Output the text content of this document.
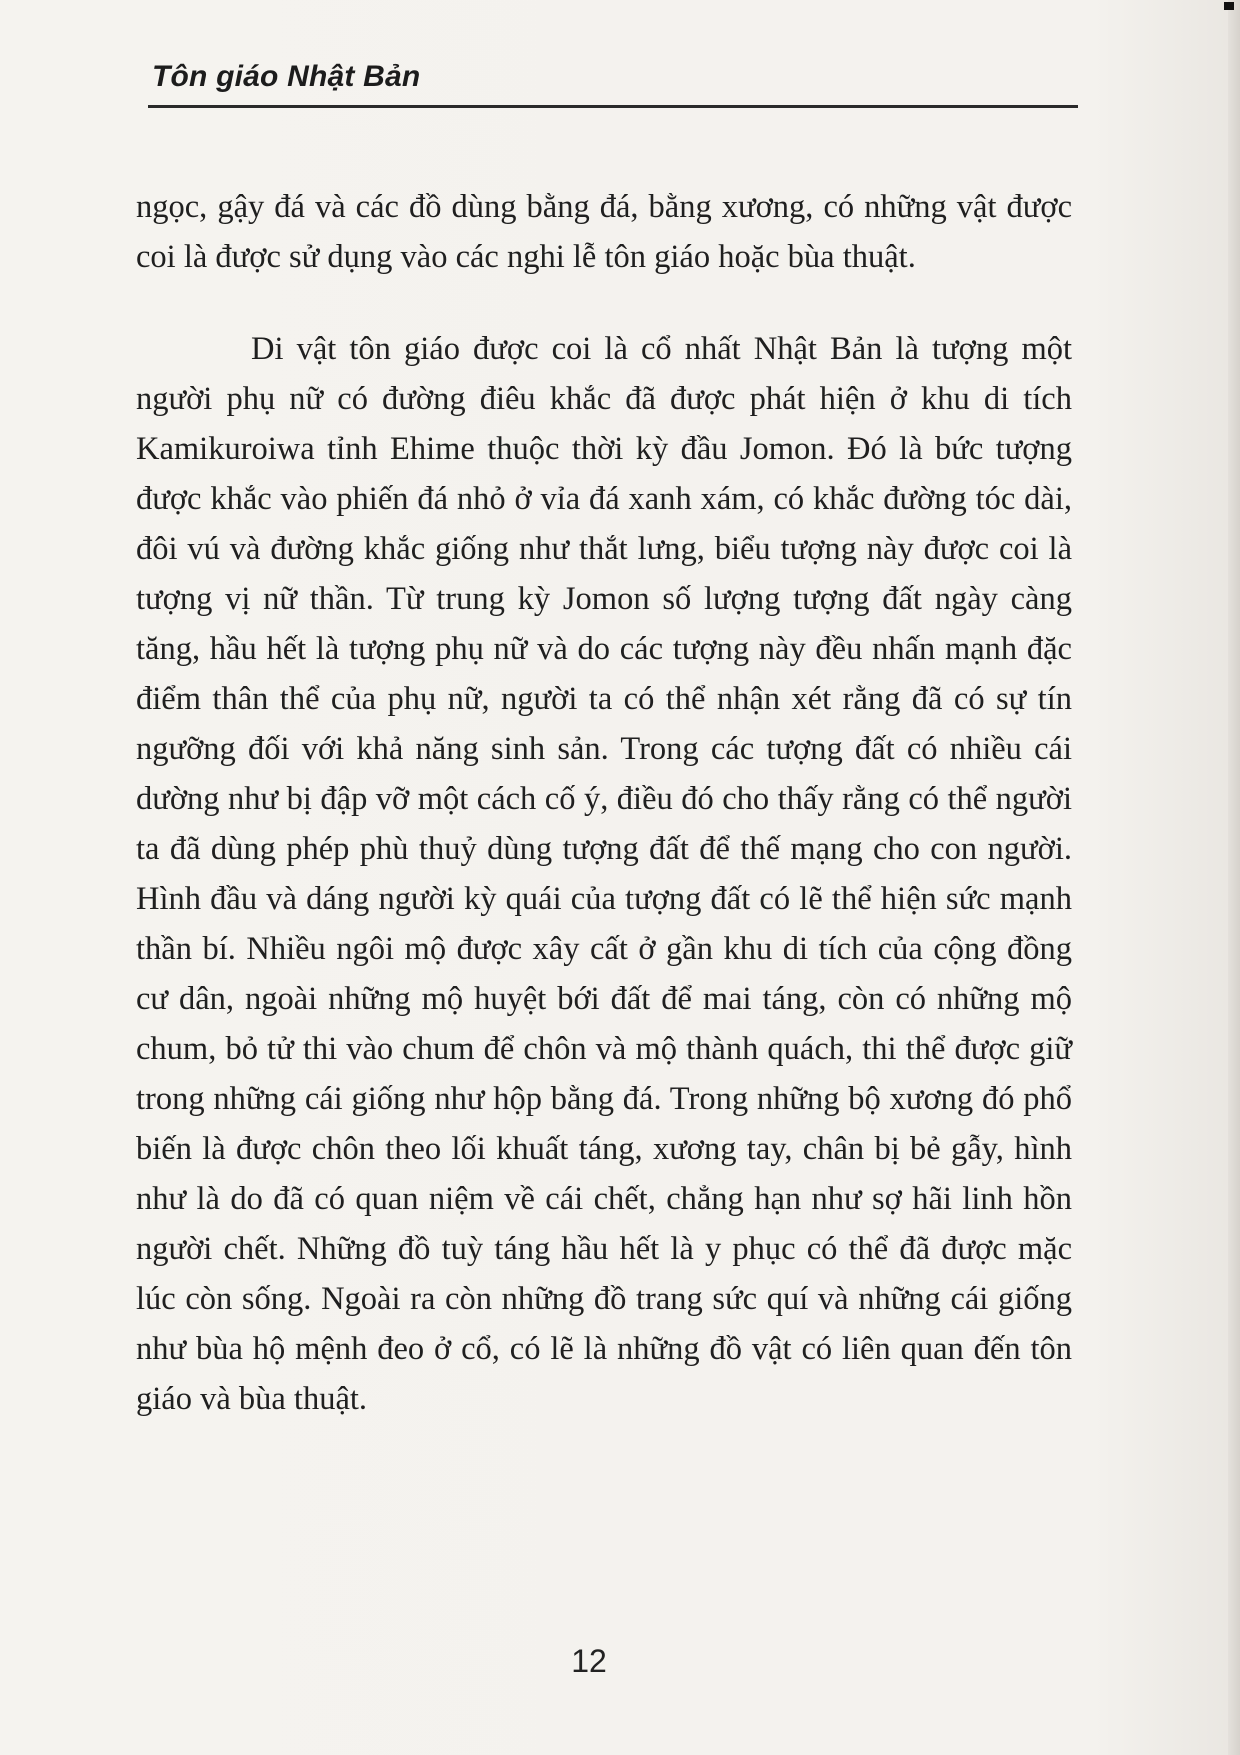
Tôn giáo Nhật Bản

ngọc, gậy đá và các đồ dùng bằng đá, bằng xương, có những vật được coi là được sử dụng vào các nghi lễ tôn giáo hoặc bùa thuật.

Di vật tôn giáo được coi là cổ nhất Nhật Bản là tượng một người phụ nữ có đường điêu khắc đã được phát hiện ở khu di tích Kamikuroiwa tỉnh Ehime thuộc thời kỳ đầu Jomon. Đó là bức tượng được khắc vào phiến đá nhỏ ở vỉa đá xanh xám, có khắc đường tóc dài, đôi vú và đường khắc giống như thắt lưng, biểu tượng này được coi là tượng vị nữ thần. Từ trung kỳ Jomon số lượng tượng đất ngày càng tăng, hầu hết là tượng phụ nữ và do các tượng này đều nhấn mạnh đặc điểm thân thể của phụ nữ, người ta có thể nhận xét rằng đã có sự tín ngưỡng đối với khả năng sinh sản. Trong các tượng đất có nhiều cái dường như bị đập vỡ một cách cố ý, điều đó cho thấy rằng có thể người ta đã dùng phép phù thuỷ dùng tượng đất để thế mạng cho con người. Hình đầu và dáng người kỳ quái của tượng đất có lẽ thể hiện sức mạnh thần bí. Nhiều ngôi mộ được xây cất ở gần khu di tích của cộng đồng cư dân, ngoài những mộ huyệt bới đất để mai táng, còn có những mộ chum, bỏ tử thi vào chum để chôn và mộ thành quách, thi thể được giữ trong những cái giống như hộp bằng đá. Trong những bộ xương đó phổ biến là được chôn theo lối khuất táng, xương tay, chân bị bẻ gẫy, hình như là do đã có quan niệm về cái chết, chẳng hạn như sợ hãi linh hồn người chết. Những đồ tuỳ táng hầu hết là y phục có thể đã được mặc lúc còn sống. Ngoài ra còn những đồ trang sức quí và những cái giống như bùa hộ mệnh đeo ở cổ, có lẽ là những đồ vật có liên quan đến tôn giáo và bùa thuật.

12
